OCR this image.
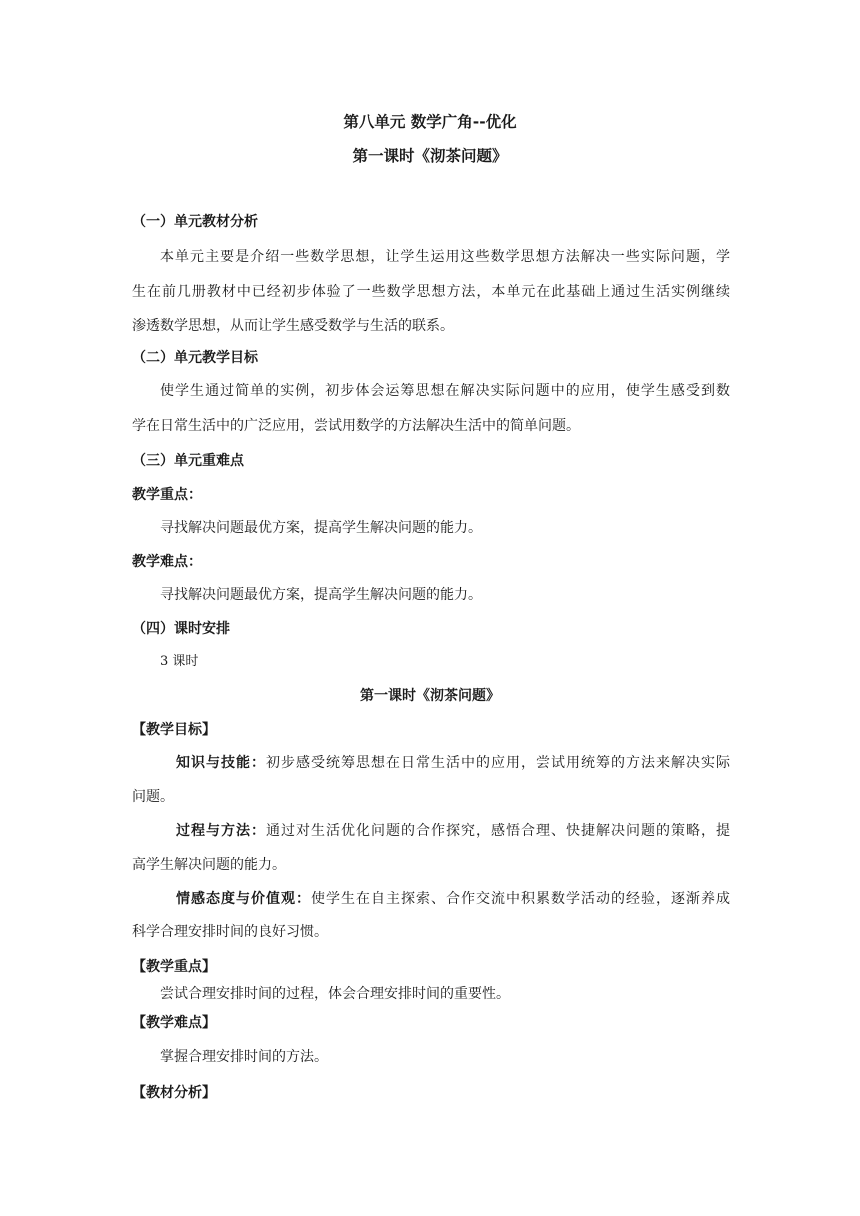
第八单元 数学广角--优化
第一课时《沏茶问题》
（一）单元教材分析
本单元主要是介绍一些数学思想，让学生运用这些数学思想方法解决一些实际问题，学
生在前几册教材中已经初步体验了一些数学思想方法，本单元在此基础上通过生活实例继续
渗透数学思想，从而让学生感受数学与生活的联系。
（二）单元教学目标
使学生通过简单的实例，初步体会运筹思想在解决实际问题中的应用，使学生感受到数
学在日常生活中的广泛应用，尝试用数学的方法解决生活中的简单问题。
（三）单元重难点
教学重点：
寻找解决问题最优方案，提高学生解决问题的能力。
教学难点：
寻找解决问题最优方案，提高学生解决问题的能力。
（四）课时安排
3 课时
第一课时《沏茶问题》
【教学目标】
知识与技能：初步感受统筹思想在日常生活中的应用，尝试用统筹的方法来解决实际
问题。
过程与方法：通过对生活优化问题的合作探究，感悟合理、快捷解决问题的策略，提
高学生解决问题的能力。
情感态度与价值观：使学生在自主探索、合作交流中积累数学活动的经验，逐渐养成
科学合理安排时间的良好习惯。
【教学重点】
尝试合理安排时间的过程，体会合理安排时间的重要性。
【教学难点】
掌握合理安排时间的方法。
【教材分析】
